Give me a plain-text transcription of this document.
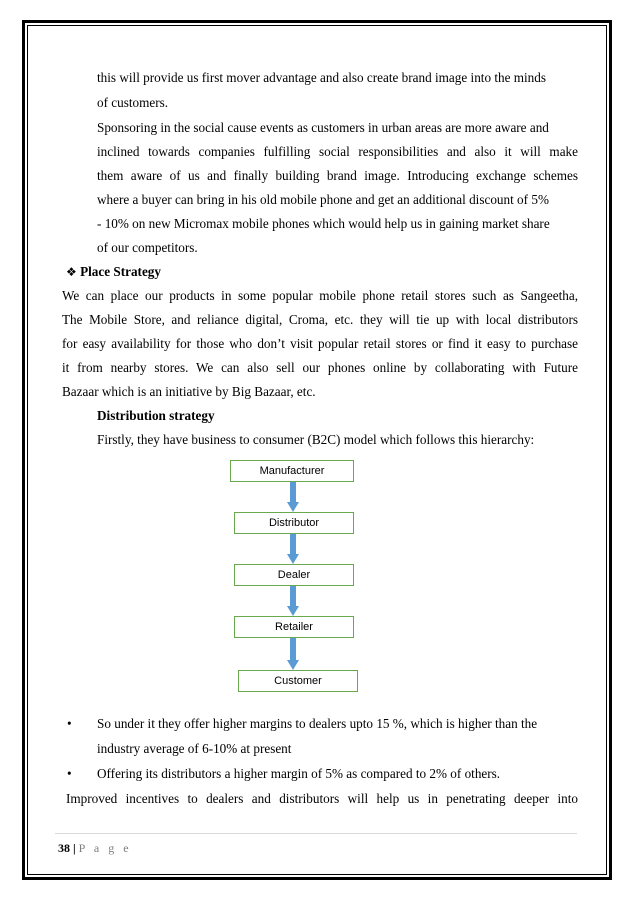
this will provide us first mover advantage and also create brand image into the minds
of customers.
Sponsoring in the social cause events as customers in urban areas are more aware and
inclined towards companies fulfilling social responsibilities and also it will make
them aware of us and finally building brand image. Introducing exchange schemes
where a buyer can bring in his old mobile phone and get an additional discount of 5%
- 10% on new Micromax mobile phones which would help us in gaining market share
of our competitors.
❖ Place Strategy
We can place our products in some popular mobile phone retail stores such as Sangeetha,
The Mobile Store, and reliance digital, Croma, etc. they will tie up with local distributors
for easy availability for those who don’t visit popular retail stores or find it easy to purchase
it from nearby stores. We can also sell our phones online by collaborating with Future
Bazaar which is an initiative by Big Bazaar, etc.
Distribution strategy
Firstly, they have business to consumer (B2C) model which follows this hierarchy:
Manufacturer
Distributor
Dealer
Retailer
Customer
• So under it they offer higher margins to dealers upto 15 %, which is higher than the
industry average of 6-10% at present
• Offering its distributors a higher margin of 5% as compared to 2% of others.
Improved incentives to dealers and distributors will help us in penetrating deeper into
38 | P a g e
